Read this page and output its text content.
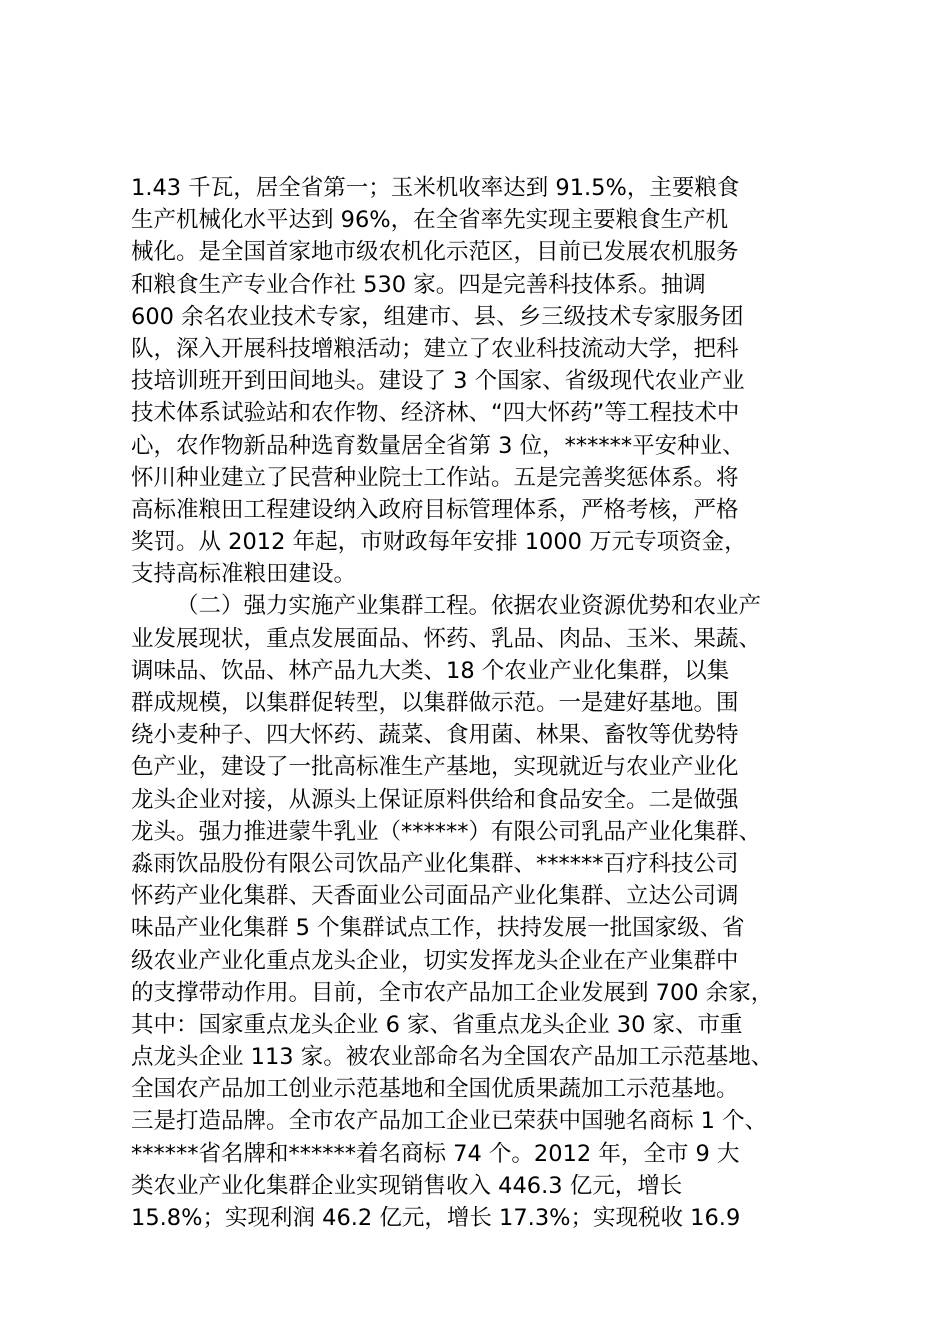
1.43 千瓦，居全省第一；玉米机收率达到 91.5%，主要粮食
生产机械化水平达到 96%，在全省率先实现主要粮食生产机
械化。是全国首家地市级农机化示范区，目前已发展农机服务
和粮食生产专业合作社 530 家。四是完善科技体系。抽调
600 余名农业技术专家，组建市、县、乡三级技术专家服务团
队，深入开展科技增粮活动；建立了农业科技流动大学，把科
技培训班开到田间地头。建设了 3 个国家、省级现代农业产业
技术体系试验站和农作物、经济林、“四大怀药”等工程技术中
心，农作物新品种选育数量居全省第 3 位，******平安种业、
怀川种业建立了民营种业院士工作站。五是完善奖惩体系。将
高标准粮田工程建设纳入政府目标管理体系，严格考核，严格
奖罚。从 2012 年起，市财政每年安排 1000 万元专项资金，
支持高标准粮田建设。
（二）强力实施产业集群工程。依据农业资源优势和农业产
业发展现状，重点发展面品、怀药、乳品、肉品、玉米、果蔬、
调味品、饮品、林产品九大类、18 个农业产业化集群，以集
群成规模，以集群促转型，以集群做示范。一是建好基地。围
绕小麦种子、四大怀药、蔬菜、食用菌、林果、畜牧等优势特
色产业，建设了一批高标准生产基地，实现就近与农业产业化
龙头企业对接，从源头上保证原料供给和食品安全。二是做强
龙头。强力推进蒙牛乳业（******）有限公司乳品产业化集群、
淼雨饮品股份有限公司饮品产业化集群、******百疗科技公司
怀药产业化集群、天香面业公司面品产业化集群、立达公司调
味品产业化集群 5 个集群试点工作，扶持发展一批国家级、省
级农业产业化重点龙头企业，切实发挥龙头企业在产业集群中
的支撑带动作用。目前，全市农产品加工企业发展到 700 余家，
其中：国家重点龙头企业 6 家、省重点龙头企业 30 家、市重
点龙头企业 113 家。被农业部命名为全国农产品加工示范基地、
全国农产品加工创业示范基地和全国优质果蔬加工示范基地。
三是打造品牌。全市农产品加工企业已荣获中国驰名商标 1 个、
******省名牌和******着名商标 74 个。2012 年，全市 9 大
类农业产业化集群企业实现销售收入 446.3 亿元，增长
15.8%；实现利润 46.2 亿元，增长 17.3%；实现税收 16.9
